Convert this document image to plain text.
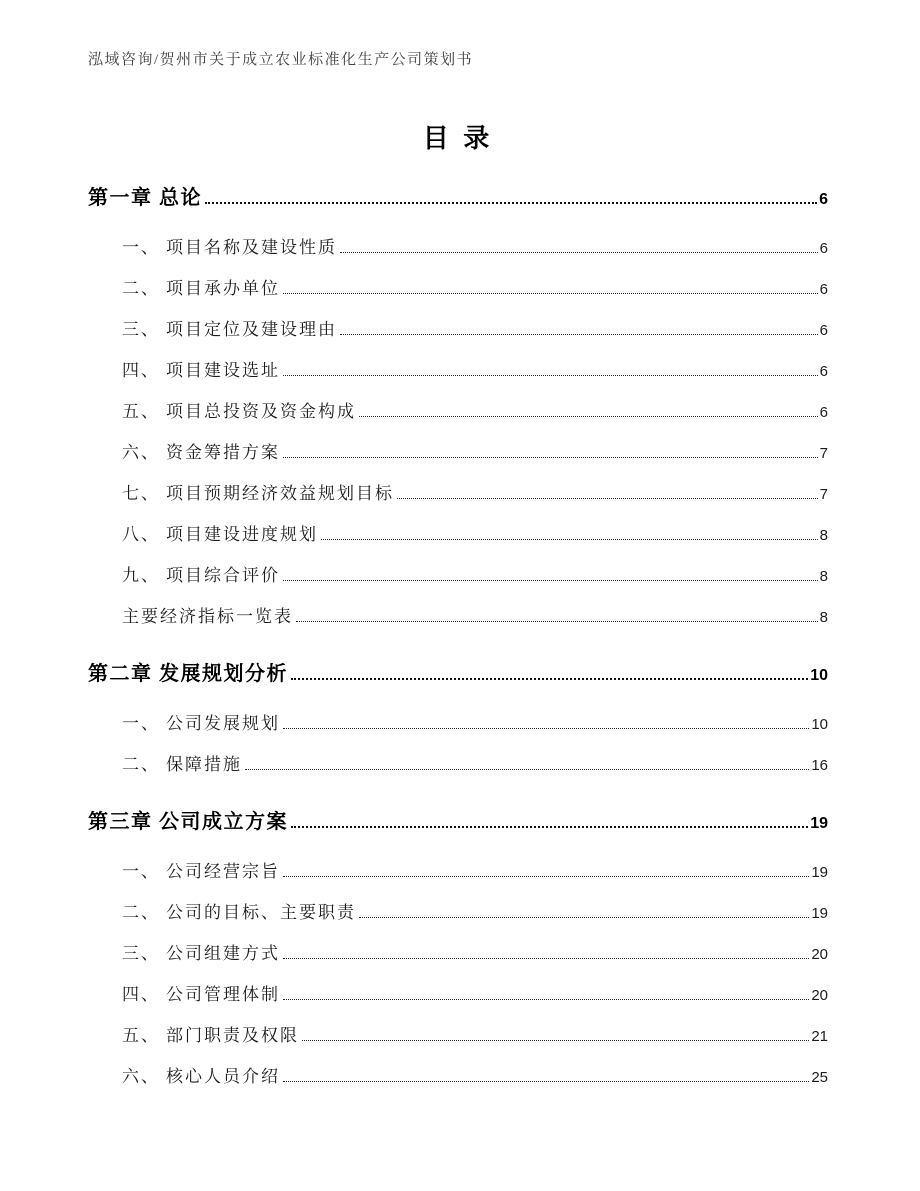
泓域咨询/贺州市关于成立农业标准化生产公司策划书
目 录
第一章 总论	6
一、 项目名称及建设性质	6
二、 项目承办单位	6
三、 项目定位及建设理由	6
四、 项目建设选址	6
五、 项目总投资及资金构成	6
六、 资金筹措方案	7
七、 项目预期经济效益规划目标	7
八、 项目建设进度规划	8
九、 项目综合评价	8
主要经济指标一览表	8
第二章 发展规划分析	10
一、 公司发展规划	10
二、 保障措施	16
第三章 公司成立方案	19
一、 公司经营宗旨	19
二、 公司的目标、主要职责	19
三、 公司组建方式	20
四、 公司管理体制	20
五、 部门职责及权限	21
六、 核心人员介绍	25
